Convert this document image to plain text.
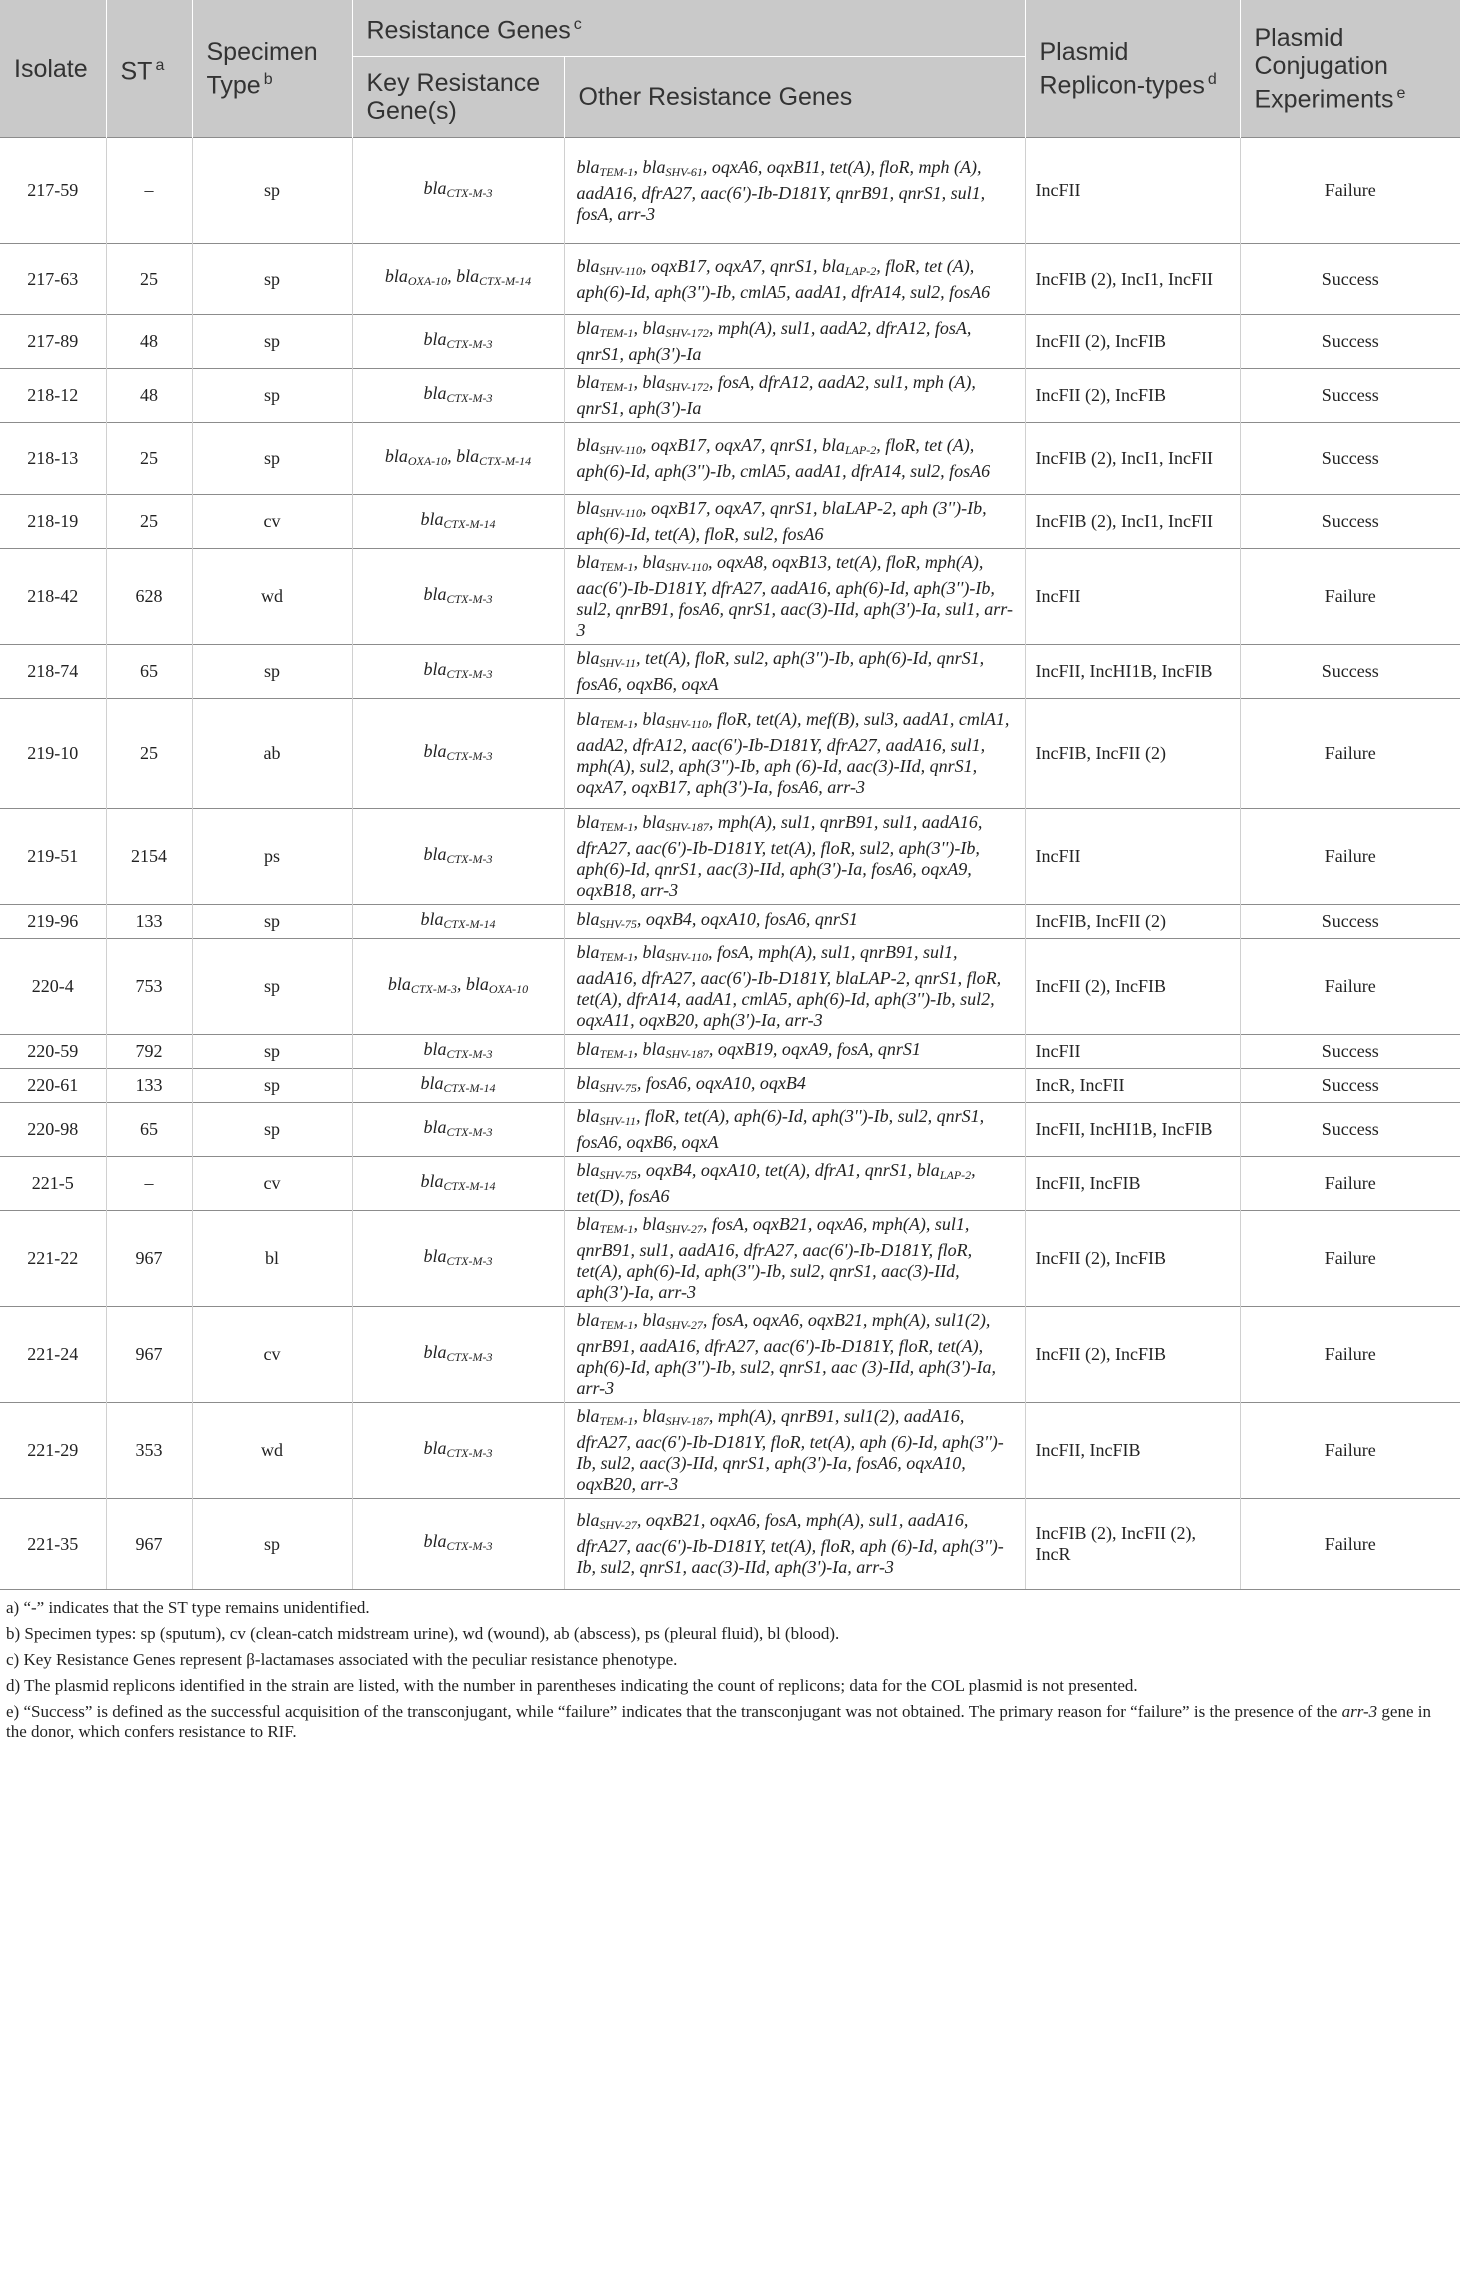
Isolate	ST $^a$	Specimen Type $^b$	Resistance Genes $^c$		Plasmid Replicon-types $^d$	Plasmid Conjugation Experiments $^e$
			Key Resistance Gene(s)	Other Resistance Genes		
217-59	–	sp	bla$_{CTX-M-3}$	bla$_{TEM-1}$, bla$_{SHV-61}$, oqxA6, oqxB11, tet(A), floR, mph (A), aadA16, dfrA27, aac(6')-Ib-D181Y, qnrB91, qnrS1, sul1, fosA, arr-3	IncFII	Failure
217-63	25	sp	bla$_{OXA-10}$, bla$_{CTX-M-14}$	bla$_{SHV-110}$, oqxB17, oqxA7, qnrS1, bla$_{LAP-2}$, floR, tet (A), aph(6)-Id, aph(3'')-Ib, cmlA5, aadA1, dfrA14, sul2, fosA6	IncFIB (2), IncI1, IncFII	Success
217-89	48	sp	bla$_{CTX-M-3}$	bla$_{TEM-1}$, bla$_{SHV-172}$, mph(A), sul1, aadA2, dfrA12, fosA, qnrS1, aph(3')-Ia	IncFII (2), IncFIB	Success
218-12	48	sp	bla$_{CTX-M-3}$	bla$_{TEM-1}$, bla$_{SHV-172}$, fosA, dfrA12, aadA2, sul1, mph (A), qnrS1, aph(3')-Ia	IncFII (2), IncFIB	Success
218-13	25	sp	bla$_{OXA-10}$, bla$_{CTX-M-14}$	bla$_{SHV-110}$, oqxB17, oqxA7, qnrS1, bla$_{LAP-2}$, floR, tet (A), aph(6)-Id, aph(3'')-Ib, cmlA5, aadA1, dfrA14, sul2, fosA6	IncFIB (2), IncI1, IncFII	Success
218-19	25	cv	bla$_{CTX-M-14}$	bla$_{SHV-110}$, oqxB17, oqxA7, qnrS1, blaLAP-2, aph (3'')-Ib, aph(6)-Id, tet(A), floR, sul2, fosA6	IncFIB (2), IncI1, IncFII	Success
218-42	628	wd	bla$_{CTX-M-3}$	bla$_{TEM-1}$, bla$_{SHV-110}$, oqxA8, oqxB13, tet(A), floR, mph(A), aac(6')-Ib-D181Y, dfrA27, aadA16, aph(6)-Id, aph(3'')-Ib, sul2, qnrB91, fosA6, qnrS1, aac(3)-IId, aph(3')-Ia, sul1, arr-3	IncFII	Failure
218-74	65	sp	bla$_{CTX-M-3}$	bla$_{SHV-11}$, tet(A), floR, sul2, aph(3'')-Ib, aph(6)-Id, qnrS1, fosA6, oqxB6, oqxA	IncFII, IncHI1B, IncFIB	Success
219-10	25	ab	bla$_{CTX-M-3}$	bla$_{TEM-1}$, bla$_{SHV-110}$, floR, tet(A), mef(B), sul3, aadA1, cmlA1, aadA2, dfrA12, aac(6')-Ib-D181Y, dfrA27, aadA16, sul1, mph(A), sul2, aph(3'')-Ib, aph (6)-Id, aac(3)-IId, qnrS1, oqxA7, oqxB17, aph(3')-Ia, fosA6, arr-3	IncFIB, IncFII (2)	Failure
219-51	2154	ps	bla$_{CTX-M-3}$	bla$_{TEM-1}$, bla$_{SHV-187}$, mph(A), sul1, qnrB91, sul1, aadA16, dfrA27, aac(6')-Ib-D181Y, tet(A), floR, sul2, aph(3'')-Ib, aph(6)-Id, qnrS1, aac(3)-IId, aph(3')-Ia, fosA6, oqxA9, oqxB18, arr-3	IncFII	Failure
219-96	133	sp	bla$_{CTX-M-14}$	bla$_{SHV-75}$, oqxB4, oqxA10, fosA6, qnrS1	IncFIB, IncFII (2)	Success
220-4	753	sp	bla$_{CTX-M-3}$, bla$_{OXA-10}$	bla$_{TEM-1}$, bla$_{SHV-110}$, fosA, mph(A), sul1, qnrB91, sul1, aadA16, dfrA27, aac(6')-Ib-D181Y, blaLAP-2, qnrS1, floR, tet(A), dfrA14, aadA1, cmlA5, aph(6)-Id, aph(3'')-Ib, sul2, oqxA11, oqxB20, aph(3')-Ia, arr-3	IncFII (2), IncFIB	Failure
220-59	792	sp	bla$_{CTX-M-3}$	bla$_{TEM-1}$, bla$_{SHV-187}$, oqxB19, oqxA9, fosA, qnrS1	IncFII	Success
220-61	133	sp	bla$_{CTX-M-14}$	bla$_{SHV-75}$, fosA6, oqxA10, oqxB4	IncR, IncFII	Success
220-98	65	sp	bla$_{CTX-M-3}$	bla$_{SHV-11}$, floR, tet(A), aph(6)-Id, aph(3'')-Ib, sul2, qnrS1, fosA6, oqxB6, oqxA	IncFII, IncHI1B, IncFIB	Success
221-5	–	cv	bla$_{CTX-M-14}$	bla$_{SHV-75}$, oqxB4, oqxA10, tet(A), dfrA1, qnrS1, bla$_{LAP-2}$, tet(D), fosA6	IncFII, IncFIB	Failure
221-22	967	bl	bla$_{CTX-M-3}$	bla$_{TEM-1}$, bla$_{SHV-27}$, fosA, oqxB21, oqxA6, mph(A), sul1, qnrB91, sul1, aadA16, dfrA27, aac(6')-Ib-D181Y, floR, tet(A), aph(6)-Id, aph(3'')-Ib, sul2, qnrS1, aac(3)-IId, aph(3')-Ia, arr-3	IncFII (2), IncFIB	Failure
221-24	967	cv	bla$_{CTX-M-3}$	bla$_{TEM-1}$, bla$_{SHV-27}$, fosA, oqxA6, oqxB21, mph(A), sul1(2), qnrB91, aadA16, dfrA27, aac(6')-Ib-D181Y, floR, tet(A), aph(6)-Id, aph(3'')-Ib, sul2, qnrS1, aac (3)-IId, aph(3')-Ia, arr-3	IncFII (2), IncFIB	Failure
221-29	353	wd	bla$_{CTX-M-3}$	bla$_{TEM-1}$, bla$_{SHV-187}$, mph(A), qnrB91, sul1(2), aadA16, dfrA27, aac(6')-Ib-D181Y, floR, tet(A), aph (6)-Id, aph(3'')-Ib, sul2, aac(3)-IId, qnrS1, aph(3')-Ia, fosA6, oqxA10, oqxB20, arr-3	IncFII, IncFIB	Failure
221-35	967	sp	bla$_{CTX-M-3}$	bla$_{SHV-27}$, oqxB21, oqxA6, fosA, mph(A), sul1, aadA16, dfrA27, aac(6')-Ib-D181Y, tet(A), floR, aph (6)-Id, aph(3'')-Ib, sul2, qnrS1, aac(3)-IId, aph(3')-Ia, arr-3	IncFIB (2), IncFII (2), IncR	Failure
a) “-” indicates that the ST type remains unidentified.
b) Specimen types: sp (sputum), cv (clean-catch midstream urine), wd (wound), ab (abscess), ps (pleural fluid), bl (blood).
c) Key Resistance Genes represent β-lactamases associated with the peculiar resistance phenotype.
d) The plasmid replicons identified in the strain are listed, with the number in parentheses indicating the count of replicons; data for the COL plasmid is not presented.
e) “Success” is defined as the successful acquisition of the transconjugant, while “failure” indicates that the transconjugant was not obtained. The primary reason for “failure” is the presence of the arr-3 gene in the donor, which confers resistance to RIF.
